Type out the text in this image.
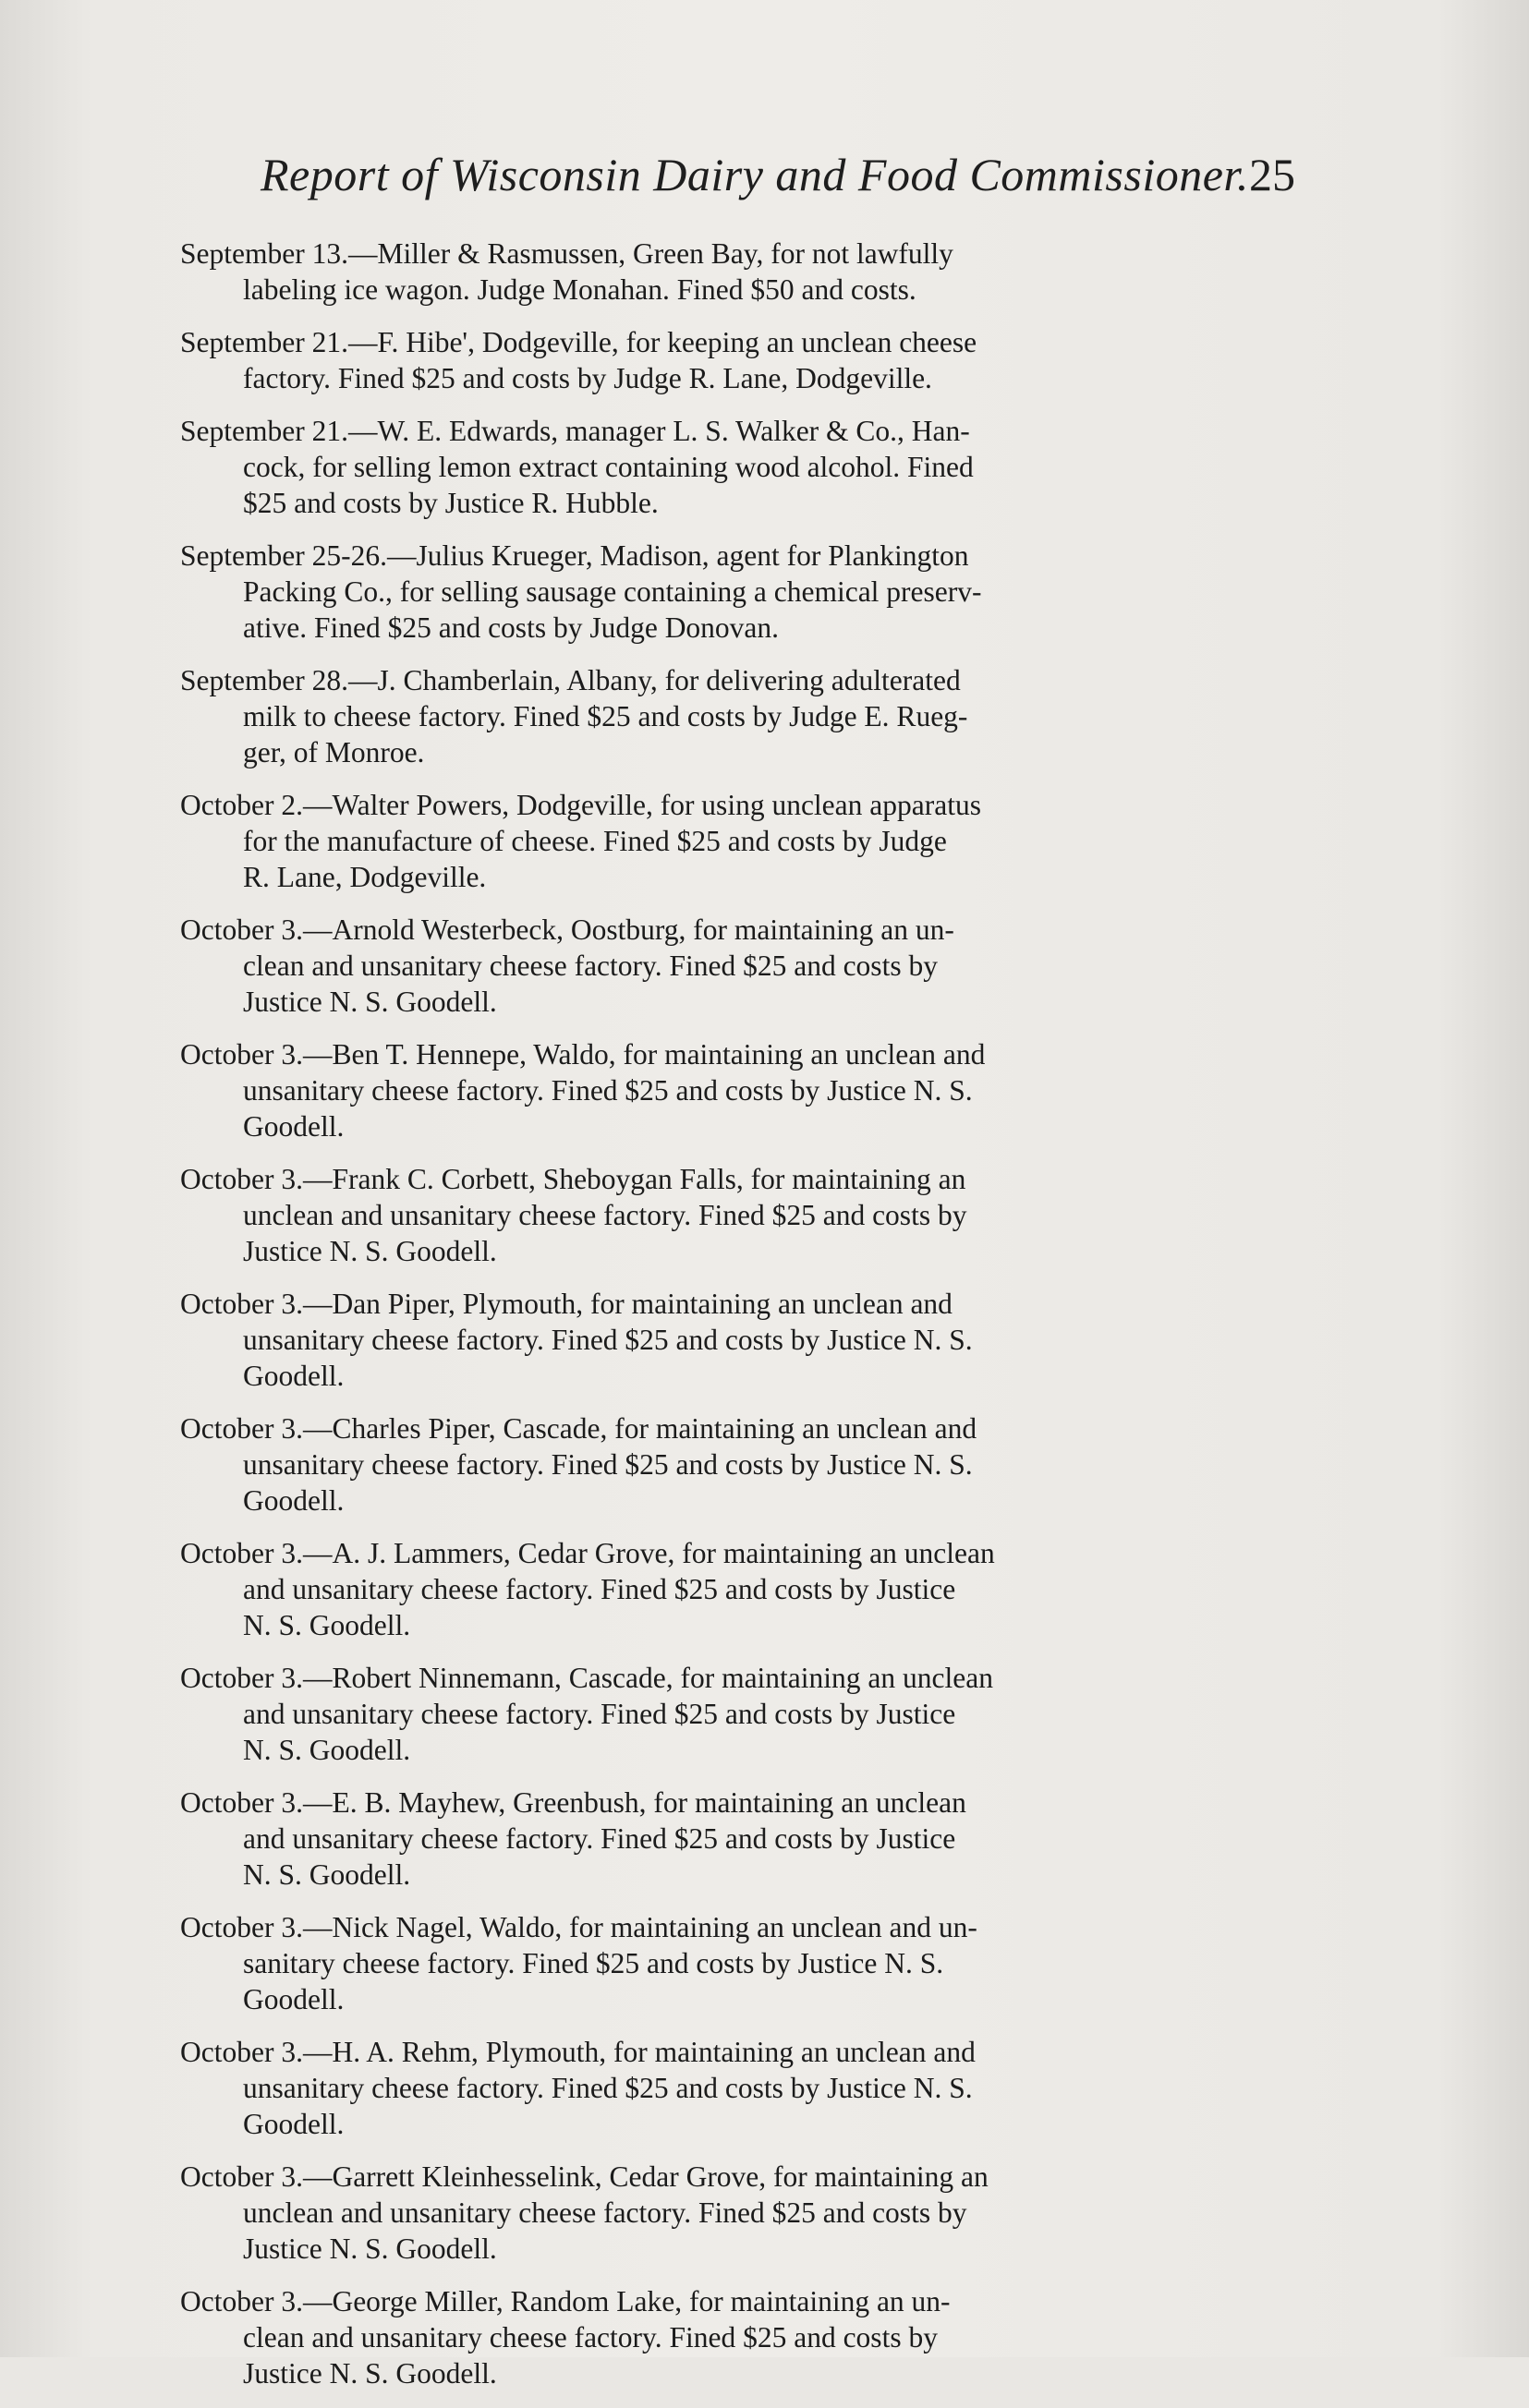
Report of Wisconsin Dairy and Food Commissioner. 25

September 13.—Miller & Rasmussen, Green Bay, for not lawfully
labeling ice wagon. Judge Monahan. Fined $50 and costs.

September 21.—F. Hibe', Dodgeville, for keeping an unclean cheese
factory. Fined $25 and costs by Judge R. Lane, Dodgeville.

September 21.—W. E. Edwards, manager L. S. Walker & Co., Han-
cock, for selling lemon extract containing wood alcohol. Fined
$25 and costs by Justice R. Hubble.

September 25-26.—Julius Krueger, Madison, agent for Plankington
Packing Co., for selling sausage containing a chemical preserv-
ative. Fined $25 and costs by Judge Donovan.

September 28.—J. Chamberlain, Albany, for delivering adulterated
milk to cheese factory. Fined $25 and costs by Judge E. Rueg-
ger, of Monroe.

October 2.—Walter Powers, Dodgeville, for using unclean apparatus
for the manufacture of cheese. Fined $25 and costs by Judge
R. Lane, Dodgeville.

October 3.—Arnold Westerbeck, Oostburg, for maintaining an un-
clean and unsanitary cheese factory. Fined $25 and costs by
Justice N. S. Goodell.

October 3.—Ben T. Hennepe, Waldo, for maintaining an unclean and
unsanitary cheese factory. Fined $25 and costs by Justice N. S.
Goodell.

October 3.—Frank C. Corbett, Sheboygan Falls, for maintaining an
unclean and unsanitary cheese factory. Fined $25 and costs by
Justice N. S. Goodell.

October 3.—Dan Piper, Plymouth, for maintaining an unclean and
unsanitary cheese factory. Fined $25 and costs by Justice N. S.
Goodell.

October 3.—Charles Piper, Cascade, for maintaining an unclean and
unsanitary cheese factory. Fined $25 and costs by Justice N. S.
Goodell.

October 3.—A. J. Lammers, Cedar Grove, for maintaining an unclean
and unsanitary cheese factory. Fined $25 and costs by Justice
N. S. Goodell.

October 3.—Robert Ninnemann, Cascade, for maintaining an unclean
and unsanitary cheese factory. Fined $25 and costs by Justice
N. S. Goodell.

October 3.—E. B. Mayhew, Greenbush, for maintaining an unclean
and unsanitary cheese factory. Fined $25 and costs by Justice
N. S. Goodell.

October 3.—Nick Nagel, Waldo, for maintaining an unclean and un-
sanitary cheese factory. Fined $25 and costs by Justice N. S.
Goodell.

October 3.—H. A. Rehm, Plymouth, for maintaining an unclean and
unsanitary cheese factory. Fined $25 and costs by Justice N. S.
Goodell.

October 3.—Garrett Kleinhesselink, Cedar Grove, for maintaining an
unclean and unsanitary cheese factory. Fined $25 and costs by
Justice N. S. Goodell.

October 3.—George Miller, Random Lake, for maintaining an un-
clean and unsanitary cheese factory. Fined $25 and costs by
Justice N. S. Goodell.
